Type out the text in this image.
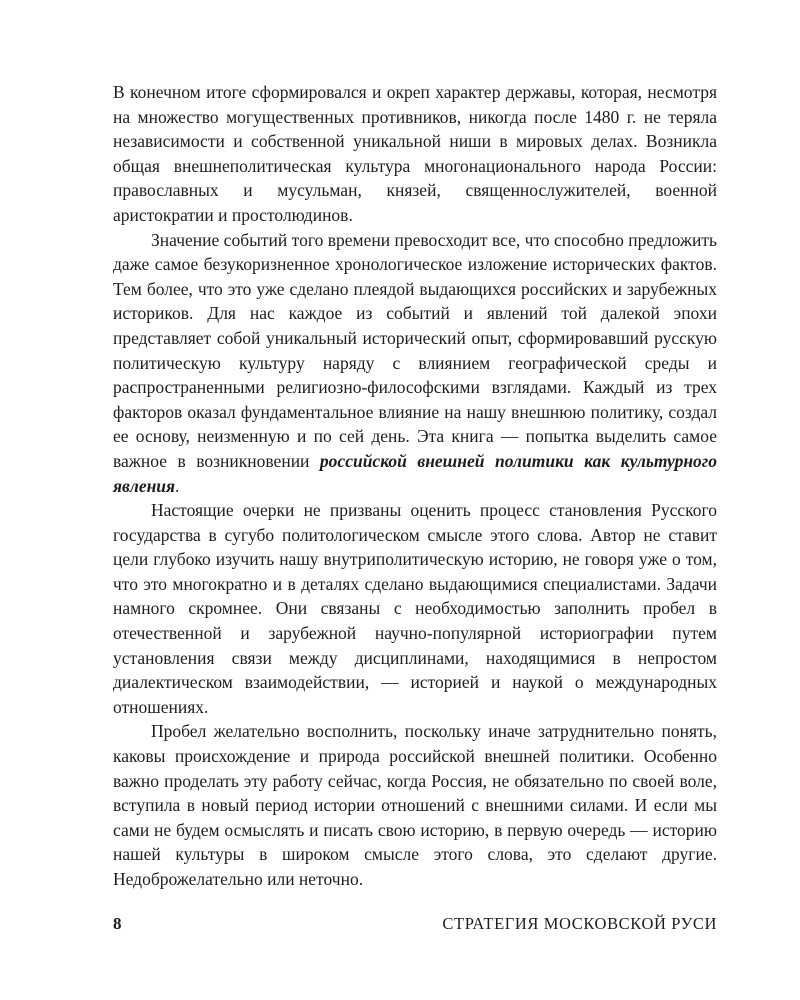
В конечном итоге сформировался и окреп характер державы, которая, несмотря на множество могущественных противников, никогда после 1480 г. не теряла независимости и собственной уникальной ниши в мировых делах. Возникла общая внешнеполитическая культура многонационального народа России: православных и мусульман, князей, священнослужителей, военной аристократии и простолюдинов.

Значение событий того времени превосходит все, что способно предложить даже самое безукоризненное хронологическое изложение исторических фактов. Тем более, что это уже сделано плеядой выдающихся российских и зарубежных историков. Для нас каждое из событий и явлений той далекой эпохи представляет собой уникальный исторический опыт, сформировавший русскую политическую культуру наряду с влиянием географической среды и распространенными религиозно-философскими взглядами. Каждый из трех факторов оказал фундаментальное влияние на нашу внешнюю политику, создал ее основу, неизменную и по сей день. Эта книга — попытка выделить самое важное в возникновении российской внешней политики как культурного явления.

Настоящие очерки не призваны оценить процесс становления Русского государства в сугубо политологическом смысле этого слова. Автор не ставит цели глубоко изучить нашу внутриполитическую историю, не говоря уже о том, что это многократно и в деталях сделано выдающимися специалистами. Задачи намного скромнее. Они связаны с необходимостью заполнить пробел в отечественной и зарубежной научно-популярной историографии путем установления связи между дисциплинами, находящимися в непростом диалектическом взаимодействии, — историей и наукой о международных отношениях.

Пробел желательно восполнить, поскольку иначе затруднительно понять, каковы происхождение и природа российской внешней политики. Особенно важно проделать эту работу сейчас, когда Россия, не обязательно по своей воле, вступила в новый период истории отношений с внешними силами. И если мы сами не будем осмыслять и писать свою историю, в первую очередь — историю нашей культуры в широком смысле этого слова, это сделают другие. Недоброжелательно или неточно.

8	СТРАТЕГИЯ МОСКОВСКОЙ РУСИ
